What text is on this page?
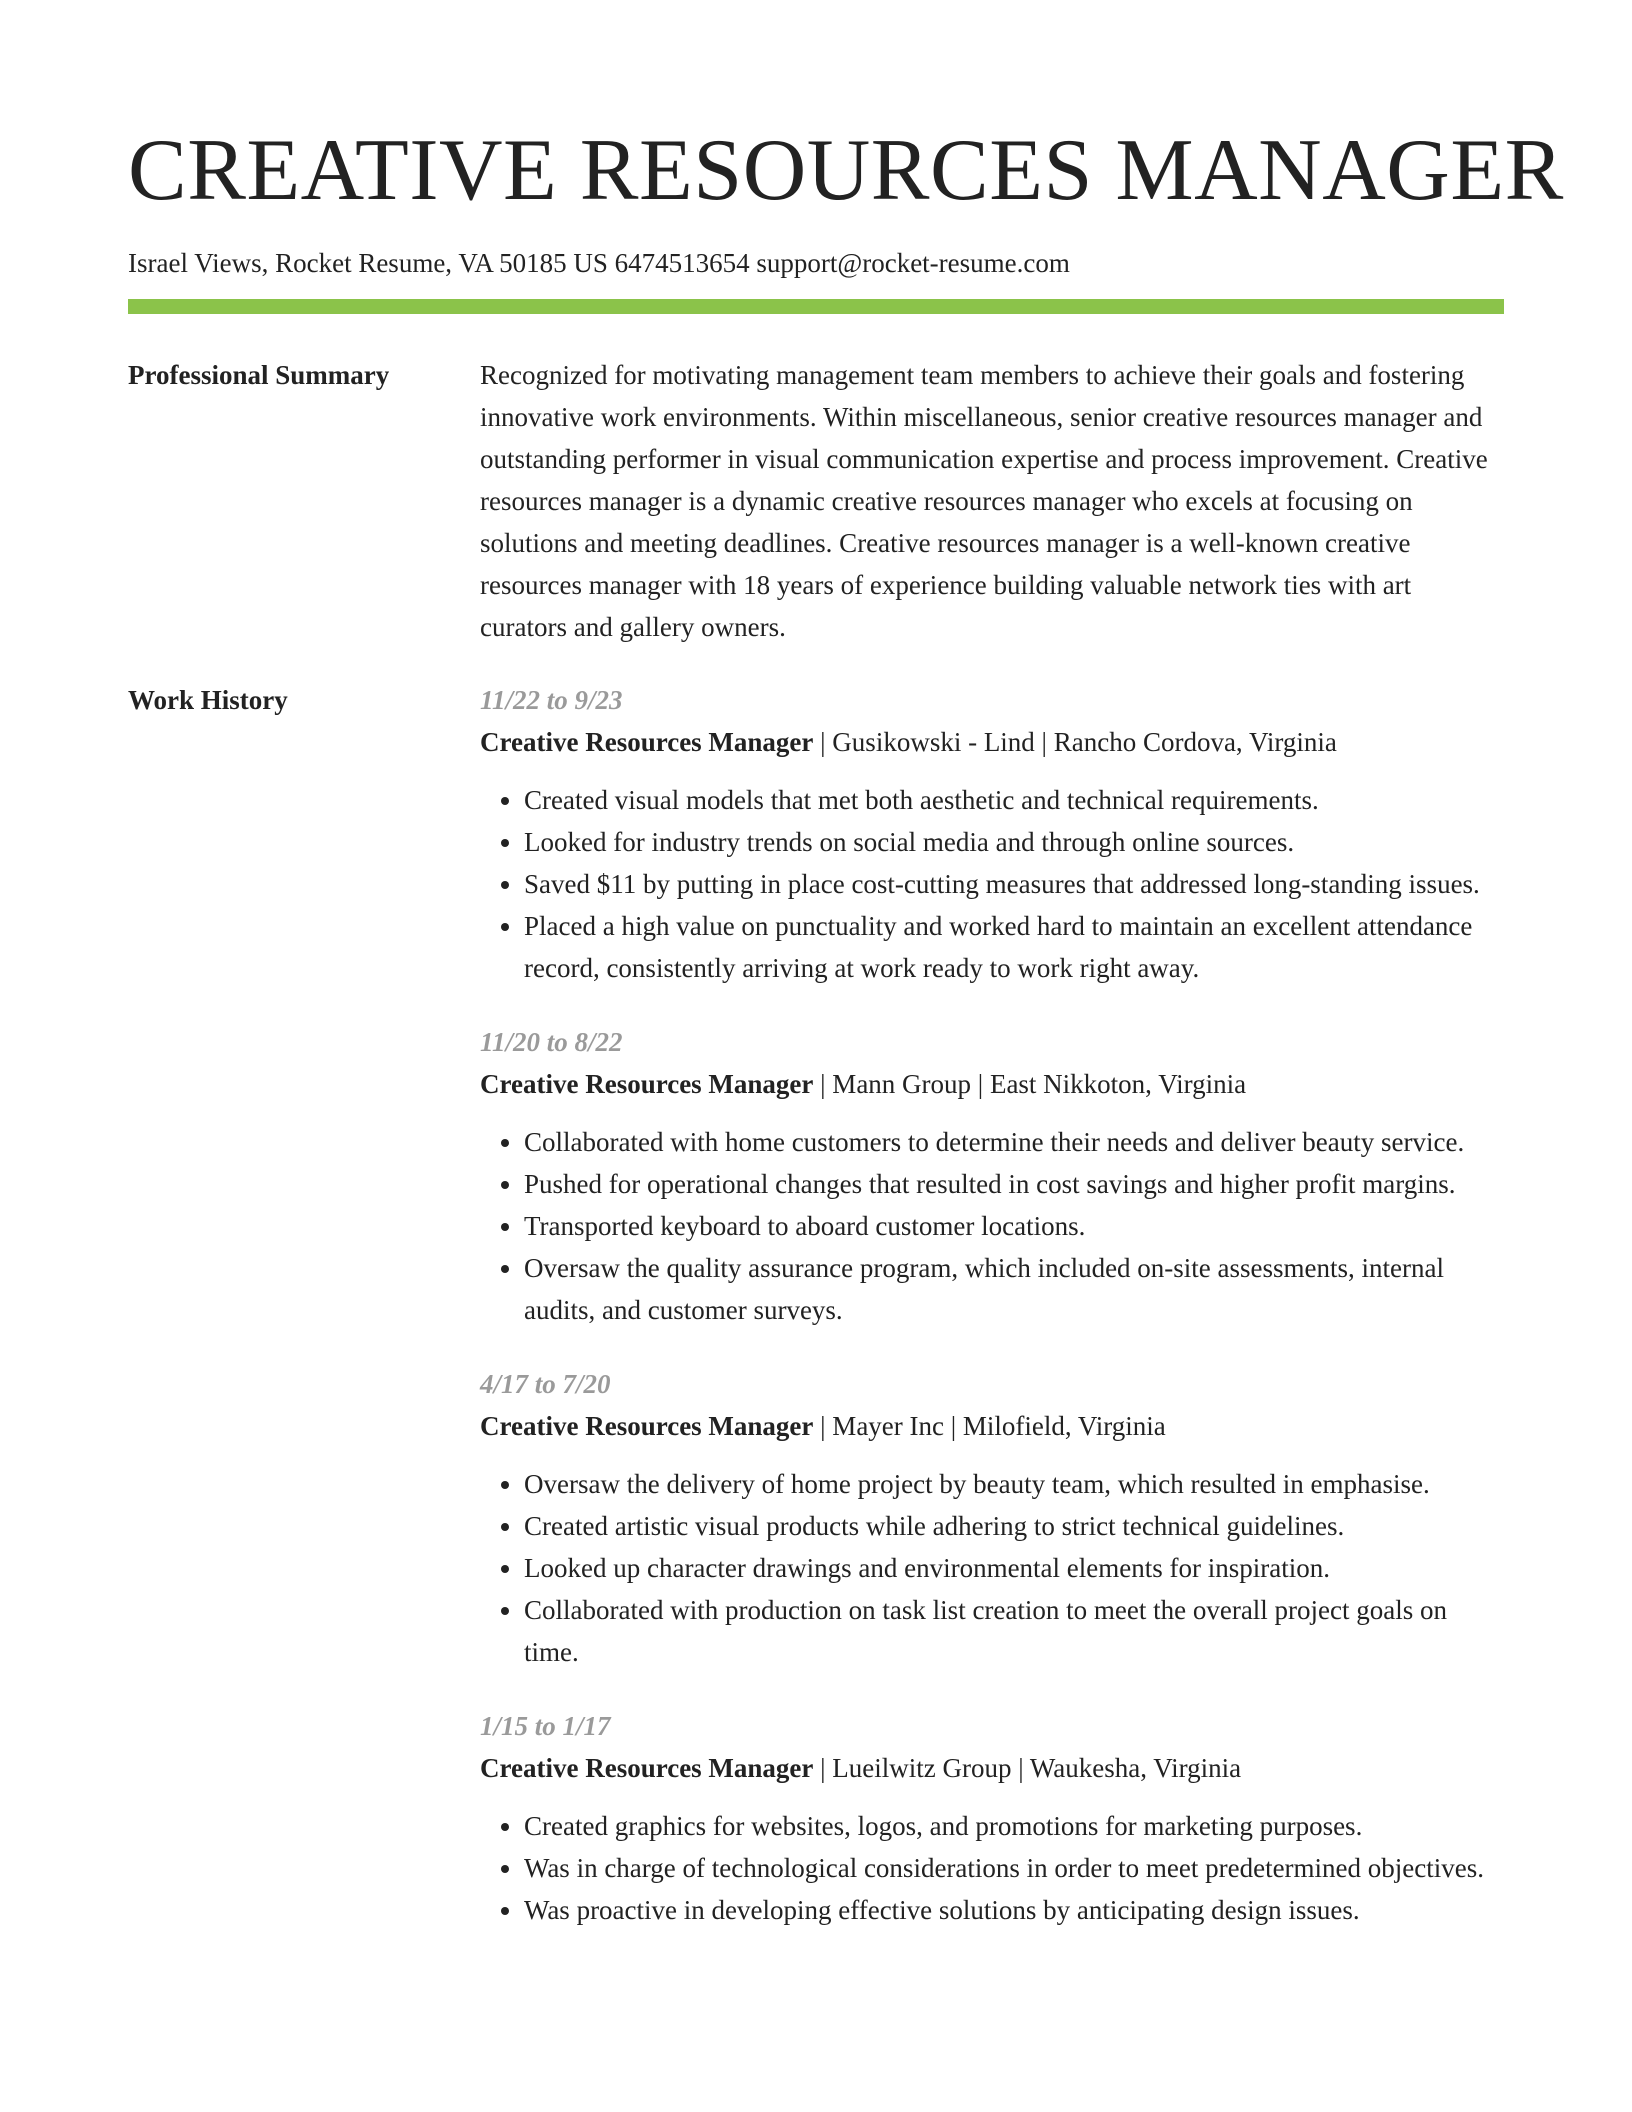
CREATIVE RESOURCES MANAGER
Israel Views, Rocket Resume, VA 50185 US 6474513654 support@rocket-resume.com
Professional Summary	Recognized for motivating management team members to achieve their goals and fostering innovative work environments. Within miscellaneous, senior creative resources manager and outstanding performer in visual communication expertise and process improvement. Creative resources manager is a dynamic creative resources manager who excels at focusing on solutions and meeting deadlines. Creative resources manager is a well-known creative resources manager with 18 years of experience building valuable network ties with art curators and gallery owners.

Work History	11/22 to 9/23
Creative Resources Manager | Gusikowski - Lind | Rancho Cordova, Virginia
• Created visual models that met both aesthetic and technical requirements.
• Looked for industry trends on social media and through online sources.
• Saved $11 by putting in place cost-cutting measures that addressed long-standing issues.
• Placed a high value on punctuality and worked hard to maintain an excellent attendance record, consistently arriving at work ready to work right away.
11/20 to 8/22
Creative Resources Manager | Mann Group | East Nikkoton, Virginia
• Collaborated with home customers to determine their needs and deliver beauty service.
• Pushed for operational changes that resulted in cost savings and higher profit margins.
• Transported keyboard to aboard customer locations.
• Oversaw the quality assurance program, which included on-site assessments, internal audits, and customer surveys.
4/17 to 7/20
Creative Resources Manager | Mayer Inc | Milofield, Virginia
• Oversaw the delivery of home project by beauty team, which resulted in emphasise.
• Created artistic visual products while adhering to strict technical guidelines.
• Looked up character drawings and environmental elements for inspiration.
• Collaborated with production on task list creation to meet the overall project goals on time.
1/15 to 1/17
Creative Resources Manager | Lueilwitz Group | Waukesha, Virginia
• Created graphics for websites, logos, and promotions for marketing purposes.
• Was in charge of technological considerations in order to meet predetermined objectives.
• Was proactive in developing effective solutions by anticipating design issues.
